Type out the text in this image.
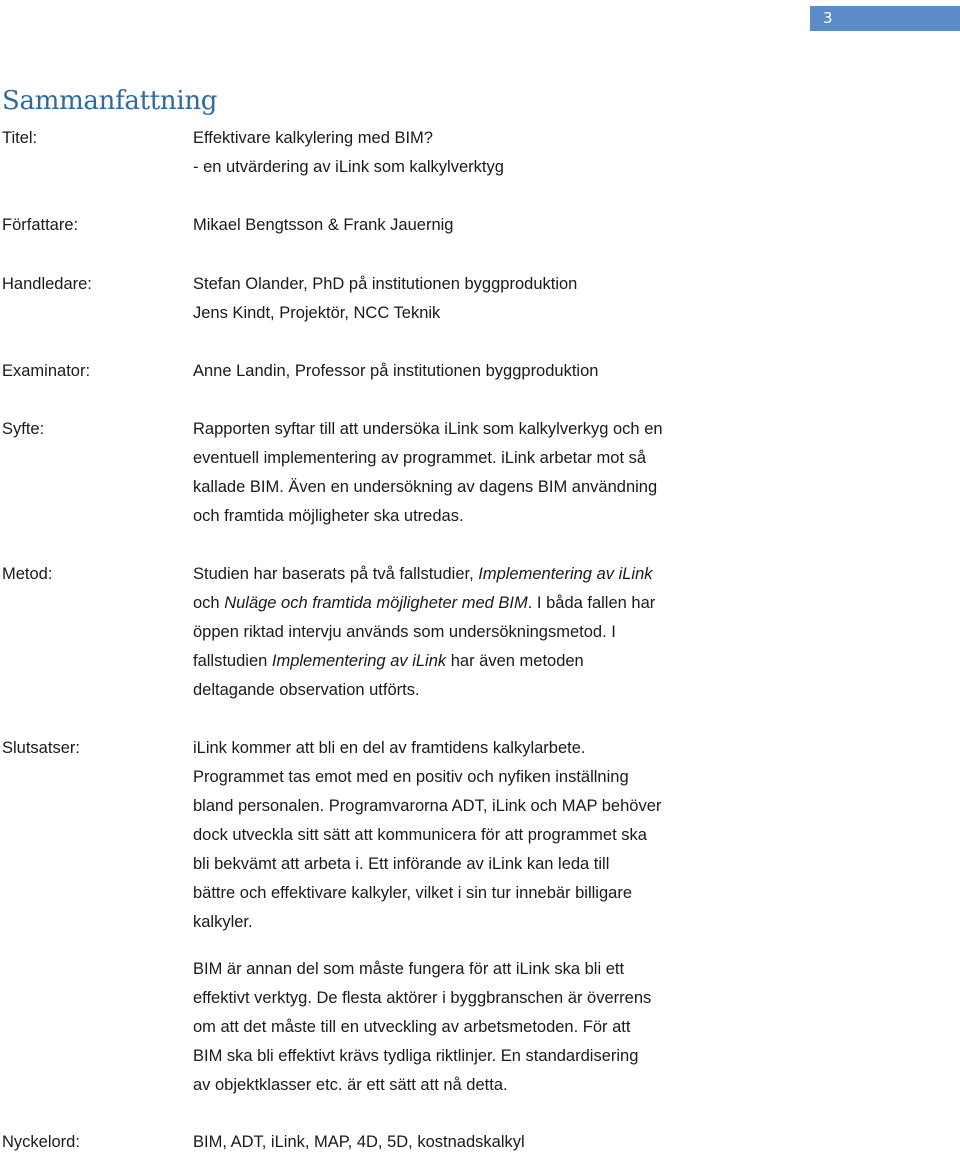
3
Sammanfattning
Titel:	Effektivare kalkylering med BIM?
- en utvärdering av iLink som kalkylverktyg
Författare:	Mikael Bengtsson & Frank Jauernig
Handledare:	Stefan Olander, PhD på institutionen byggproduktion
Jens Kindt, Projektör, NCC Teknik
Examinator:	Anne Landin, Professor på institutionen byggproduktion
Syfte:	Rapporten syftar till att undersöka iLink som kalkylverkyg och en
eventuell implementering av programmet. iLink arbetar mot så
kallade BIM. Även en undersökning av dagens BIM användning
och framtida möjligheter ska utredas.
Metod:	Studien har baserats på två fallstudier, Implementering av iLink
och Nuläge och framtida möjligheter med BIM. I båda fallen har
öppen riktad intervju används som undersökningsmetod. I
fallstudien Implementering av iLink har även metoden
deltagande observation utförts.
Slutsatser:	iLink kommer att bli en del av framtidens kalkylarbete.
Programmet tas emot med en positiv och nyfiken inställning
bland personalen. Programvarorna ADT, iLink och MAP behöver
dock utveckla sitt sätt att kommunicera för att programmet ska
bli bekvämt att arbeta i. Ett införande av iLink kan leda till
bättre och effektivare kalkyler, vilket i sin tur innebär billigare
kalkyler.

BIM är annan del som måste fungera för att iLink ska bli ett
effektivt verktyg. De flesta aktörer i byggbranschen är överrens
om att det måste till en utveckling av arbetsmetoden. För att
BIM ska bli effektivt krävs tydliga riktlinjer. En standardisering
av objektklasser etc. är ett sätt att nå detta.

Nyckelord:	BIM, ADT, iLink, MAP, 4D, 5D, kostnadskalkyl
